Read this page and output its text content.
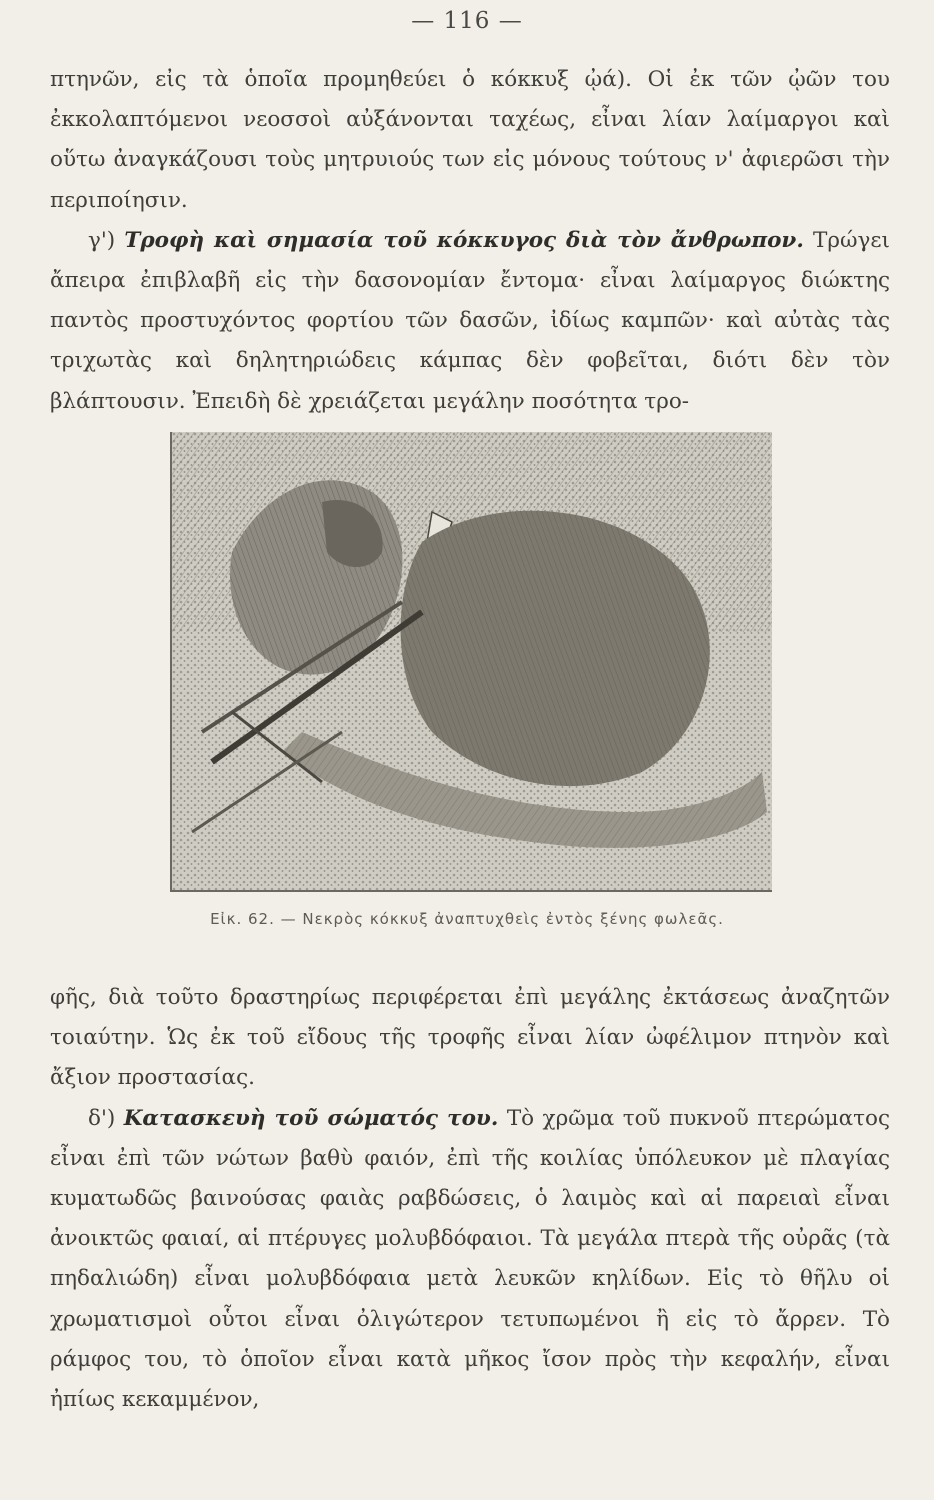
— 116 —

πτηνῶν, εἰς τὰ ὁποῖα προμηθεύει ὁ κόκκυξ ᾠά). Οἱ ἐκ τῶν ᾠῶν του ἐκκολαπτόμενοι νεοσσοὶ αὐξάνονται ταχέως, εἶναι λίαν λαίμαργοι καὶ οὕτω ἀναγκάζουσι τοὺς μητρυιούς των εἰς μόνους τούτους ν' ἀφιερῶσι τὴν περιποίησιν.

γ') Τροφὴ καὶ σημασία τοῦ κόκκυγος διὰ τὸν ἄνθρωπον. Τρώγει ἄπειρα ἐπιβλαβῆ εἰς τὴν δασονομίαν ἔντομα· εἶναι λαίμαργος διώκτης παντὸς προστυχόντος φορτίου τῶν δασῶν, ἰδίως καμπῶν· καὶ αὐτὰς τὰς τριχωτὰς καὶ δηλητηριώδεις κάμπας δὲν φοβεῖται, διότι δὲν τὸν βλάπτουσιν. Ἐπειδὴ δὲ χρειάζεται μεγάλην ποσότητα τρο-

Εἰκ. 62. — Νεκρὸς κόκκυξ ἀναπτυχθεὶς ἐντὸς ξένης φωλεᾶς.

φῆς, διὰ τοῦτο δραστηρίως περιφέρεται ἐπὶ μεγάλης ἐκτάσεως ἀναζητῶν τοιαύτην. Ὡς ἐκ τοῦ εἴδους τῆς τροφῆς εἶναι λίαν ὠφέλιμον πτηνὸν καὶ ἄξιον προστασίας.

δ') Κατασκευὴ τοῦ σώματός του. Τὸ χρῶμα τοῦ πυκνοῦ πτερώματος εἶναι ἐπὶ τῶν νώτων βαθὺ φαιόν, ἐπὶ τῆς κοιλίας ὑπόλευκον μὲ πλαγίας κυματωδῶς βαινούσας φαιὰς ραβδώσεις, ὁ λαιμὸς καὶ αἱ παρειαὶ εἶναι ἀνοικτῶς φαιαί, αἱ πτέρυγες μολυβδόφαιοι. Τὰ μεγάλα πτερὰ τῆς οὐρᾶς (τὰ πηδαλιώδη) εἶναι μολυβδόφαια μετὰ λευκῶν κηλίδων. Εἰς τὸ θῆλυ οἱ χρωματισμοὶ οὗτοι εἶναι ὀλιγώτερον τετυπωμένοι ἢ εἰς τὸ ἄρρεν. Τὸ ράμφος του, τὸ ὁποῖον εἶναι κατὰ μῆκος ἴσον πρὸς τὴν κεφαλήν, εἶναι ἠπίως κεκαμμένον,
